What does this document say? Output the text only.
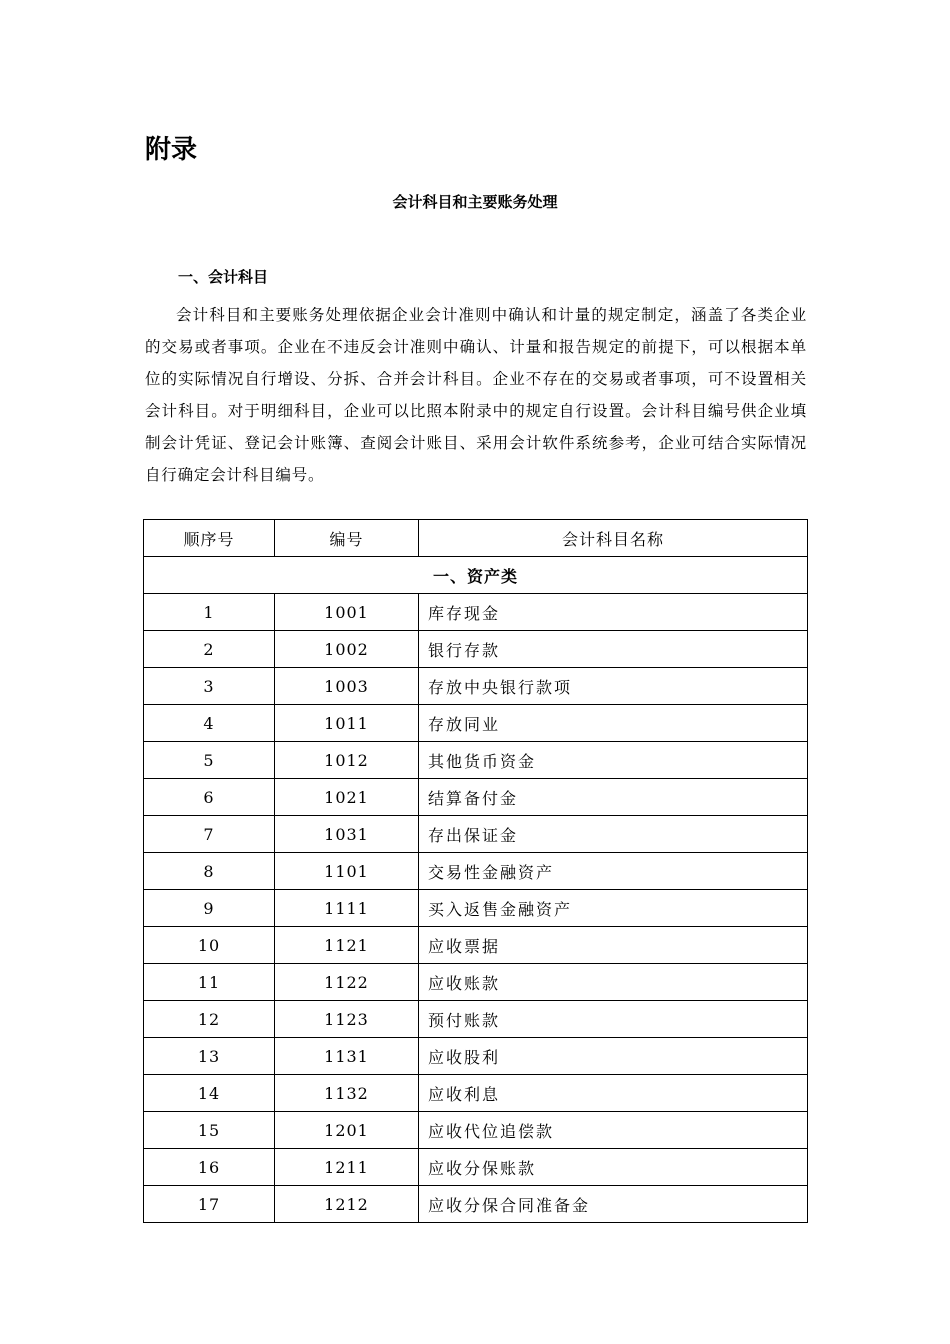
附录
会计科目和主要账务处理
一、会计科目

会计科目和主要账务处理依据企业会计准则中确认和计量的规定制定，涵盖了各类企业的交易或者事项。企业在不违反会计准则中确认、计量和报告规定的前提下，可以根据本单位的实际情况自行增设、分拆、合并会计科目。企业不存在的交易或者事项，可不设置相关会计科目。对于明细科目，企业可以比照本附录中的规定自行设置。会计科目编号供企业填制会计凭证、登记会计账簿、查阅会计账目、采用会计软件系统参考，企业可结合实际情况自行确定会计科目编号。

顺序号	编号	会计科目名称
一、资产类		
1	1001	库存现金
2	1002	银行存款
3	1003	存放中央银行款项
4	1011	存放同业
5	1012	其他货币资金
6	1021	结算备付金
7	1031	存出保证金
8	1101	交易性金融资产
9	1111	买入返售金融资产
10	1121	应收票据
11	1122	应收账款
12	1123	预付账款
13	1131	应收股利
14	1132	应收利息
15	1201	应收代位追偿款
16	1211	应收分保账款
17	1212	应收分保合同准备金
